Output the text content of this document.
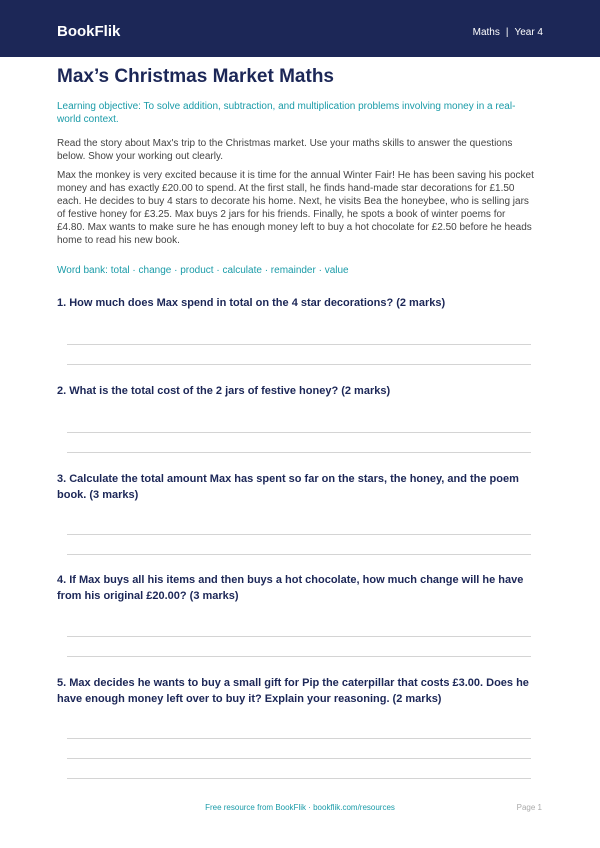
BookFlik	Maths | Year 4
Max’s Christmas Market Maths
Learning objective: To solve addition, subtraction, and multiplication problems involving money in a real-world context.
Read the story about Max's trip to the Christmas market. Use your maths skills to answer the questions below. Show your working out clearly.
Max the monkey is very excited because it is time for the annual Winter Fair! He has been saving his pocket money and has exactly £20.00 to spend. At the first stall, he finds hand-made star decorations for £1.50 each. He decides to buy 4 stars to decorate his home. Next, he visits Bea the honeybee, who is selling jars of festive honey for £3.25. Max buys 2 jars for his friends. Finally, he spots a book of winter poems for £4.80. Max wants to make sure he has enough money left to buy a hot chocolate for £2.50 before he heads home to read his new book.
Word bank: total · change · product · calculate · remainder · value
1. How much does Max spend in total on the 4 star decorations? (2 marks)
2. What is the total cost of the 2 jars of festive honey? (2 marks)
3. Calculate the total amount Max has spent so far on the stars, the honey, and the poem book. (3 marks)
4. If Max buys all his items and then buys a hot chocolate, how much change will he have from his original £20.00? (3 marks)
5. Max decides he wants to buy a small gift for Pip the caterpillar that costs £3.00. Does he have enough money left over to buy it? Explain your reasoning. (2 marks)
Free resource from BookFlik · bookflik.com/resources	Page 1
